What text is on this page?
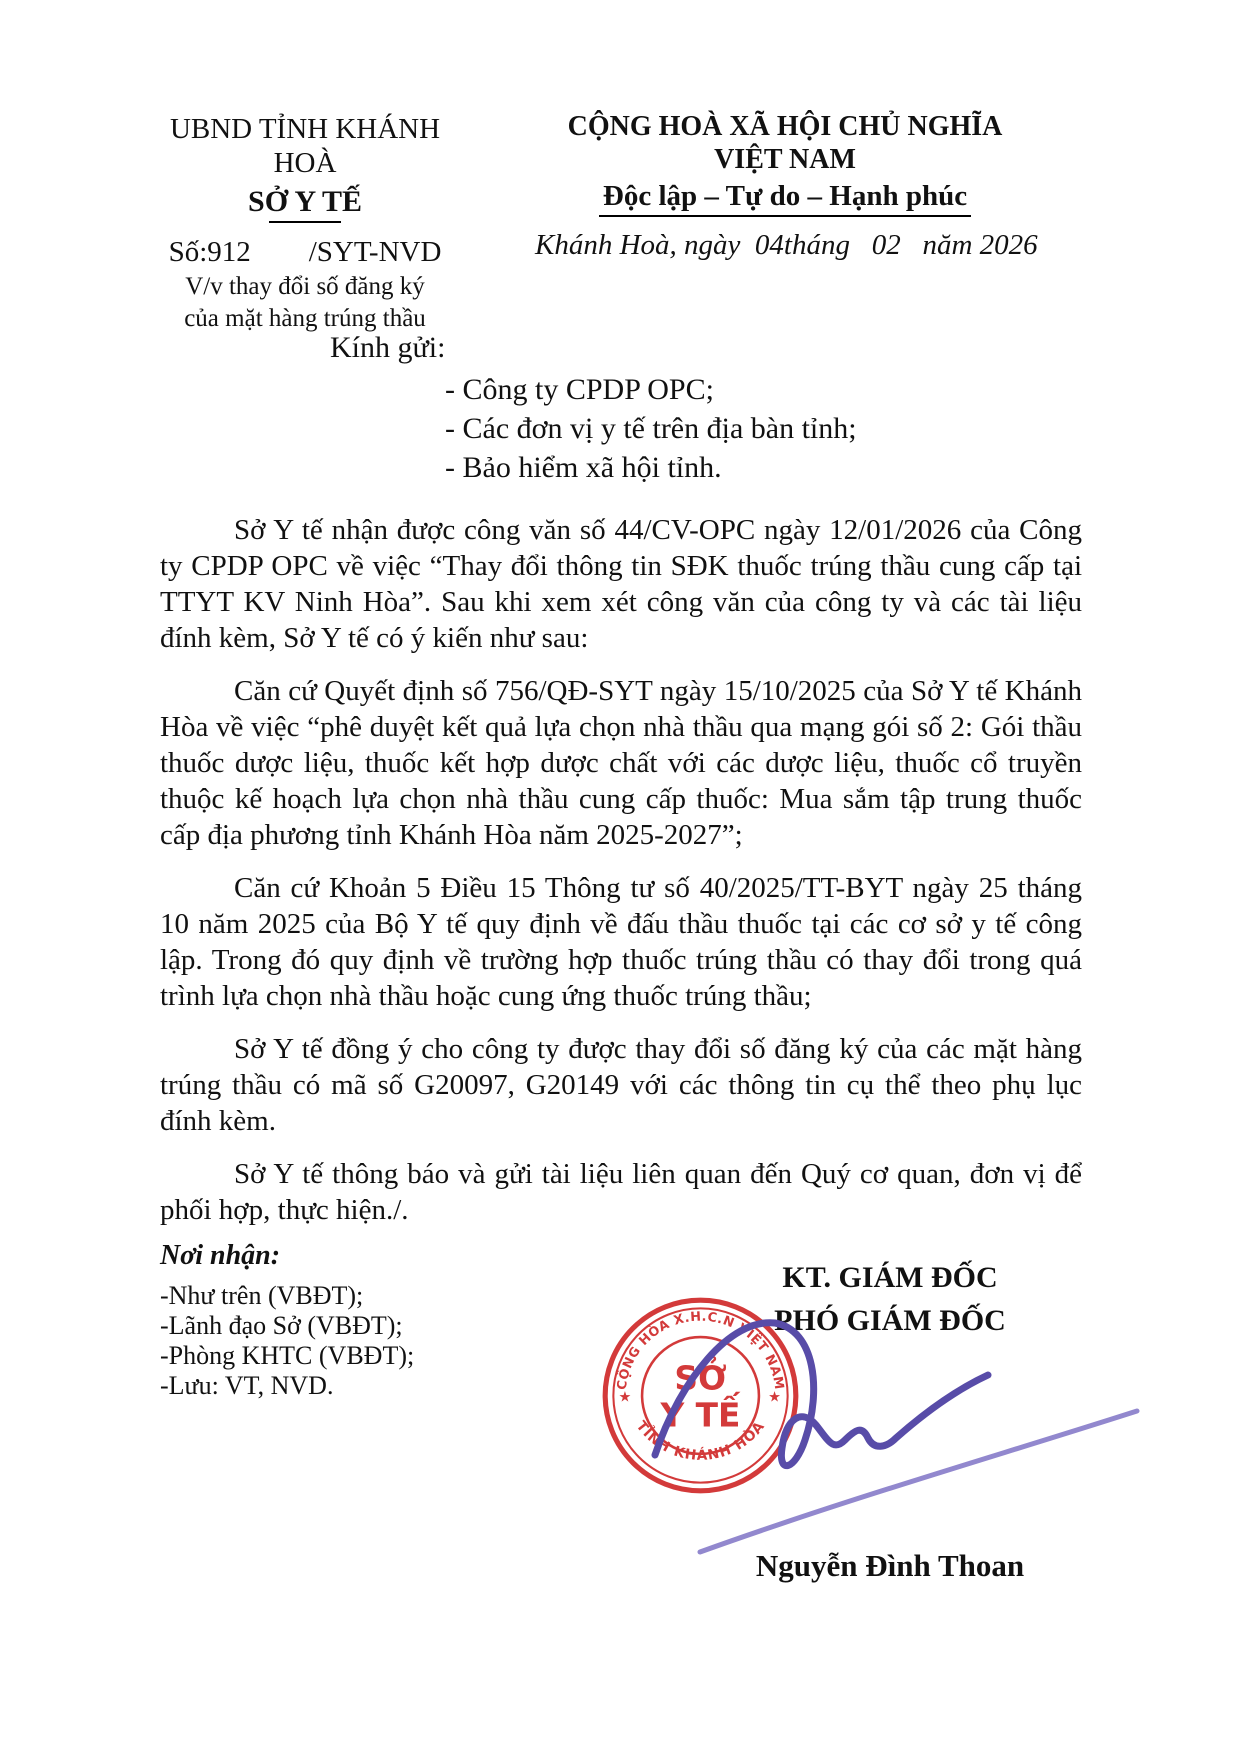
UBND TỈNH KHÁNH HOÀ
SỞ Y TẾ
Số:912        /SYT-NVD
V/v thay đổi số đăng ký
của mặt hàng trúng thầu
CỘNG HOÀ XÃ HỘI CHỦ NGHĨA VIỆT NAM
Độc lập – Tự do – Hạnh phúc
Khánh Hoà, ngày  04tháng   02   năm 2026
Kính gửi:
- Công ty CPDP OPC;
- Các đơn vị y tế trên địa bàn tỉnh;
- Bảo hiểm xã hội tỉnh.

Sở Y tế nhận được công văn số 44/CV-OPC ngày 12/01/2026 của Công ty CPDP OPC về việc “Thay đổi thông tin SĐK thuốc trúng thầu cung cấp tại TTYT KV Ninh Hòa”. Sau khi xem xét công văn của công ty và các tài liệu đính kèm, Sở Y tế có ý kiến như sau:

Căn cứ Quyết định số 756/QĐ-SYT ngày 15/10/2025 của Sở Y tế Khánh Hòa về việc “phê duyệt kết quả lựa chọn nhà thầu qua mạng gói số 2: Gói thầu thuốc dược liệu, thuốc kết hợp dược chất với các dược liệu, thuốc cổ truyền thuộc kế hoạch lựa chọn nhà thầu cung cấp thuốc: Mua sắm tập trung thuốc cấp địa phương tỉnh Khánh Hòa năm 2025-2027”;

Căn cứ Khoản 5 Điều 15 Thông tư số 40/2025/TT-BYT ngày 25 tháng 10 năm 2025 của Bộ Y tế quy định về đấu thầu thuốc tại các cơ sở y tế công lập. Trong đó quy định về trường hợp thuốc trúng thầu có thay đổi trong quá trình lựa chọn nhà thầu hoặc cung ứng thuốc trúng thầu;

Sở Y tế đồng ý cho công ty được thay đổi số đăng ký của các mặt hàng trúng thầu có mã số G20097, G20149 với các thông tin cụ thể theo phụ lục đính kèm.

Sở Y tế thông báo và gửi tài liệu liên quan đến Quý cơ quan, đơn vị để phối hợp, thực hiện./.

Nơi nhận:
-Như trên (VBĐT);
-Lãnh đạo Sở (VBĐT);
-Phòng KHTC (VBĐT);
-Lưu: VT, NVD.
KT. GIÁM ĐỐC
PHÓ GIÁM ĐỐC
CỘNG HÒA X.H.C.N VIỆT NAM
TỈNH KHÁNH HÒA
★	★
SỞ
Y TẾ
Nguyễn Đình Thoan
